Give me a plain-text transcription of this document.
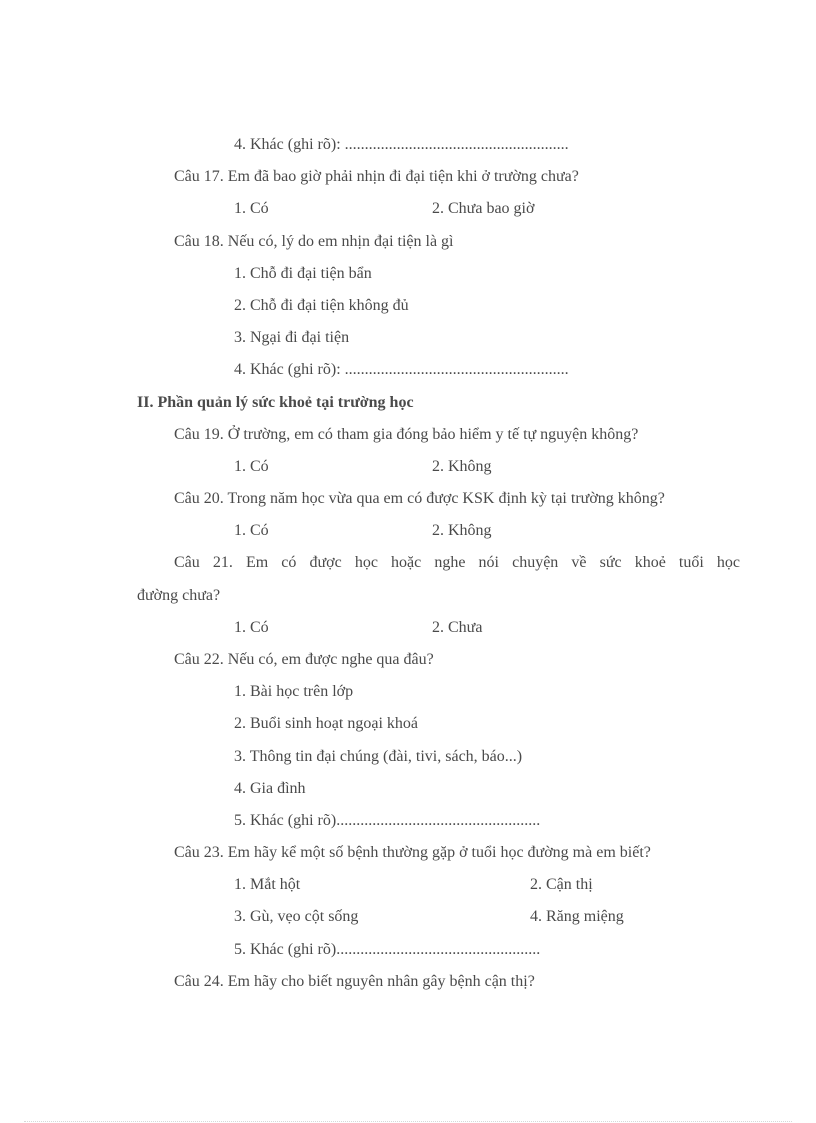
4. Khác (ghi rõ): ........................................................
Câu 17. Em đã bao giờ phải nhịn đi đại tiện khi ở trường chưa?
1. Có	2. Chưa bao giờ
Câu 18. Nếu có, lý do em nhịn đại tiện là gì
1. Chỗ đi đại tiện bẩn
2. Chỗ đi đại tiện không đủ
3. Ngại đi đại tiện
4. Khác (ghi rõ): ........................................................
II. Phần quản lý sức khoẻ tại trường học
Câu 19. Ở trường, em có tham gia đóng bảo hiểm y tế tự nguyện không?
1. Có	2. Không
Câu 20. Trong năm học vừa qua em có được KSK định kỳ tại trường không?
1. Có	2. Không
Câu 21. Em có được học hoặc nghe nói chuyện về sức khoẻ tuổi học
đường chưa?
1. Có	2. Chưa
Câu 22. Nếu có, em được nghe qua đâu?
1. Bài học trên lớp
2. Buổi sinh hoạt ngoại khoá
3. Thông tin đại chúng (đài, tivi, sách, báo...)
4. Gia đình
5. Khác (ghi rõ)...................................................
Câu 23. Em hãy kể một số bệnh thường gặp ở tuổi học đường mà em biết?
1. Mắt hột	2. Cận thị
3. Gù, vẹo cột sống	4. Răng miệng
5. Khác (ghi rõ)...................................................
Câu 24. Em hãy cho biết nguyên nhân gây bệnh cận thị?
